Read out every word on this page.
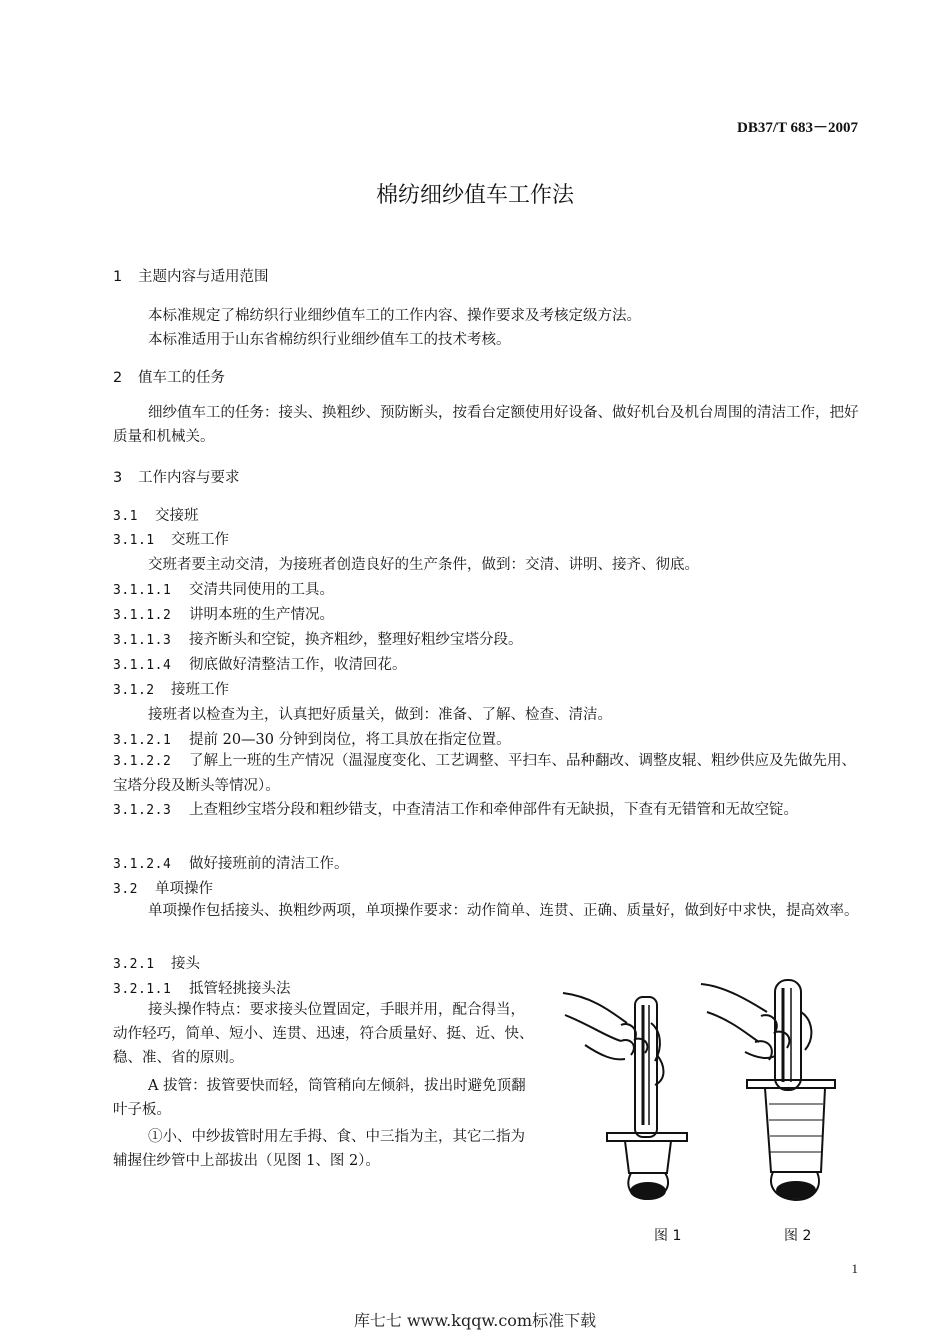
DB37/T 683－2007
棉纺细纱值车工作法
1 主题内容与适用范围
本标准规定了棉纺织行业细纱值车工的工作内容、操作要求及考核定级方法。
本标准适用于山东省棉纺织行业细纱值车工的技术考核。
2 值车工的任务
细纱值车工的任务：接头、换粗纱、预防断头，按看台定额使用好设备、做好机台及机台周围的清洁工作，把好质量和机械关。
3 工作内容与要求
3.1 交接班
3.1.1 交班工作
交班者要主动交清，为接班者创造良好的生产条件，做到：交清、讲明、接齐、彻底。
3.1.1.1 交清共同使用的工具。
3.1.1.2 讲明本班的生产情况。
3.1.1.3 接齐断头和空锭，换齐粗纱，整理好粗纱宝塔分段。
3.1.1.4 彻底做好清整洁工作，收清回花。
3.1.2 接班工作
接班者以检查为主，认真把好质量关，做到：准备、了解、检查、清洁。
3.1.2.1 提前 20—30 分钟到岗位，将工具放在指定位置。
3.1.2.2 了解上一班的生产情况（温湿度变化、工艺调整、平扫车、品种翻改、调整皮辊、粗纱供应及先做先用、宝塔分段及断头等情况）。
3.1.2.3 上查粗纱宝塔分段和粗纱错支，中查清洁工作和牵伸部件有无缺损，下查有无错管和无故空锭。
3.1.2.4 做好接班前的清洁工作。
3.2 单项操作
单项操作包括接头、换粗纱两项，单项操作要求：动作简单、连贯、正确、质量好，做到好中求快，提高效率。
3.2.1 接头
3.2.1.1 抵管轻挑接头法
接头操作特点：要求接头位置固定，手眼并用，配合得当，动作轻巧，简单、短小、连贯、迅速，符合质量好、挺、近、快、稳、准、省的原则。
A 拔管：拔管要快而轻，筒管稍向左倾斜，拔出时避免顶翻叶子板。
①小、中纱拔管时用左手拇、食、中三指为主，其它二指为辅握住纱管中上部拔出（见图 1、图 2）。
图 1	图 2
1
库七七 www.kqqw.com标准下载
